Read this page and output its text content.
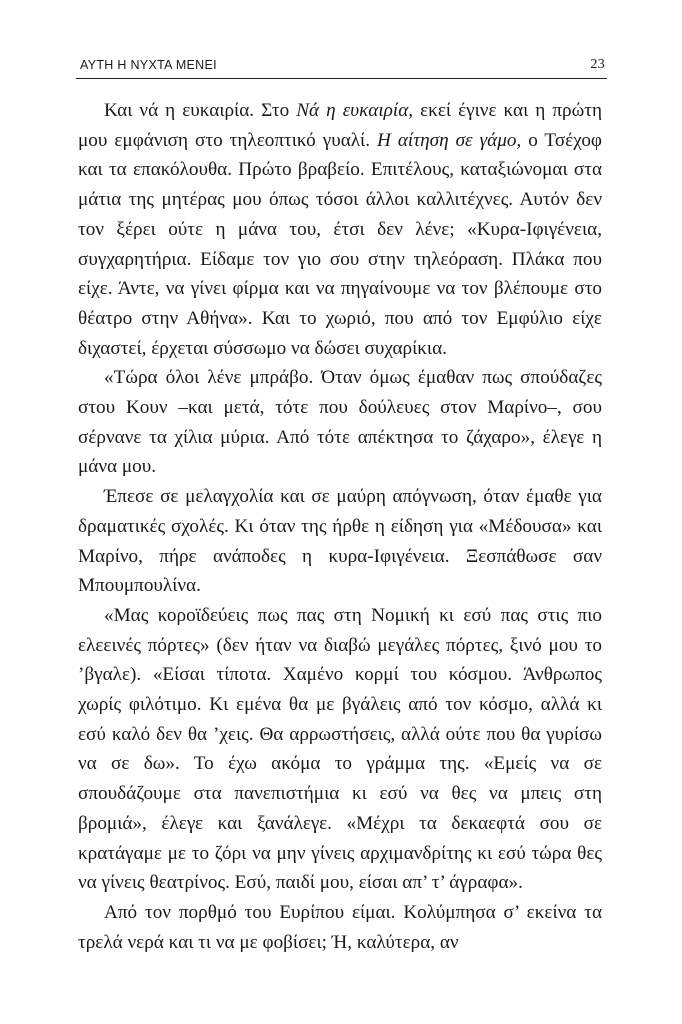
ΑΥΤΗ Η ΝΥΧΤΑ ΜΕΝΕΙ	23

Και νά η ευκαιρία. Στο Νά η ευκαιρία, εκεί έγινε και η πρώτη μου εμφάνιση στο τηλεοπτικό γυαλί. Η αίτηση σε γάμο, ο Τσέχοφ και τα επακόλουθα. Πρώτο βραβείο. Επιτέλους, καταξιώνομαι στα μάτια της μητέρας μου όπως τόσοι άλλοι καλλιτέχνες. Αυτόν δεν τον ξέρει ούτε η μάνα του, έτσι δεν λένε; «Κυρα-Ιφιγένεια, συγχαρητήρια. Είδαμε τον γιο σου στην τηλεόραση. Πλάκα που είχε. Άντε, να γίνει φίρμα και να πηγαίνουμε να τον βλέπουμε στο θέατρο στην Αθήνα». Και το χωριό, που από τον Εμφύλιο είχε διχαστεί, έρχεται σύσσωμο να δώσει συχαρίκια.

«Τώρα όλοι λένε μπράβο. Όταν όμως έμαθαν πως σπούδαζες στου Κουν –και μετά, τότε που δούλευες στον Μαρίνο–, σου σέρνανε τα χίλια μύρια. Από τότε απέκτησα το ζάχαρο», έλεγε η μάνα μου.

Έπεσε σε μελαγχολία και σε μαύρη απόγνωση, όταν έμαθε για δραματικές σχολές. Κι όταν της ήρθε η είδηση για «Μέδουσα» και Μαρίνο, πήρε ανάποδες η κυρα-Ιφιγένεια. Ξεσπάθωσε σαν Μπουμπουλίνα.

«Μας κοροϊδεύεις πως πας στη Νομική κι εσύ πας στις πιο ελεεινές πόρτες» (δεν ήταν να διαβώ μεγάλες πόρτες, ξινό μου το ’βγαλε). «Είσαι τίποτα. Χαμένο κορμί του κόσμου. Άνθρωπος χωρίς φιλότιμο. Κι εμένα θα με βγάλεις από τον κόσμο, αλλά κι εσύ καλό δεν θα ’χεις. Θα αρρωστήσεις, αλλά ούτε που θα γυρίσω να σε δω». Το έχω ακόμα το γράμμα της. «Εμείς να σε σπουδάζουμε στα πανεπιστήμια κι εσύ να θες να μπεις στη βρομιά», έλεγε και ξανάλεγε. «Μέχρι τα δεκαεφτά σου σε κρατάγαμε με το ζόρι να μην γίνεις αρχιμανδρίτης κι εσύ τώρα θες να γίνεις θεατρίνος. Εσύ, παιδί μου, είσαι απ’ τ’ άγραφα».

Από τον πορθμό του Ευρίπου είμαι. Κολύμπησα σ’ εκείνα τα τρελά νερά και τι να με φοβίσει; Ή, καλύτερα, αν
